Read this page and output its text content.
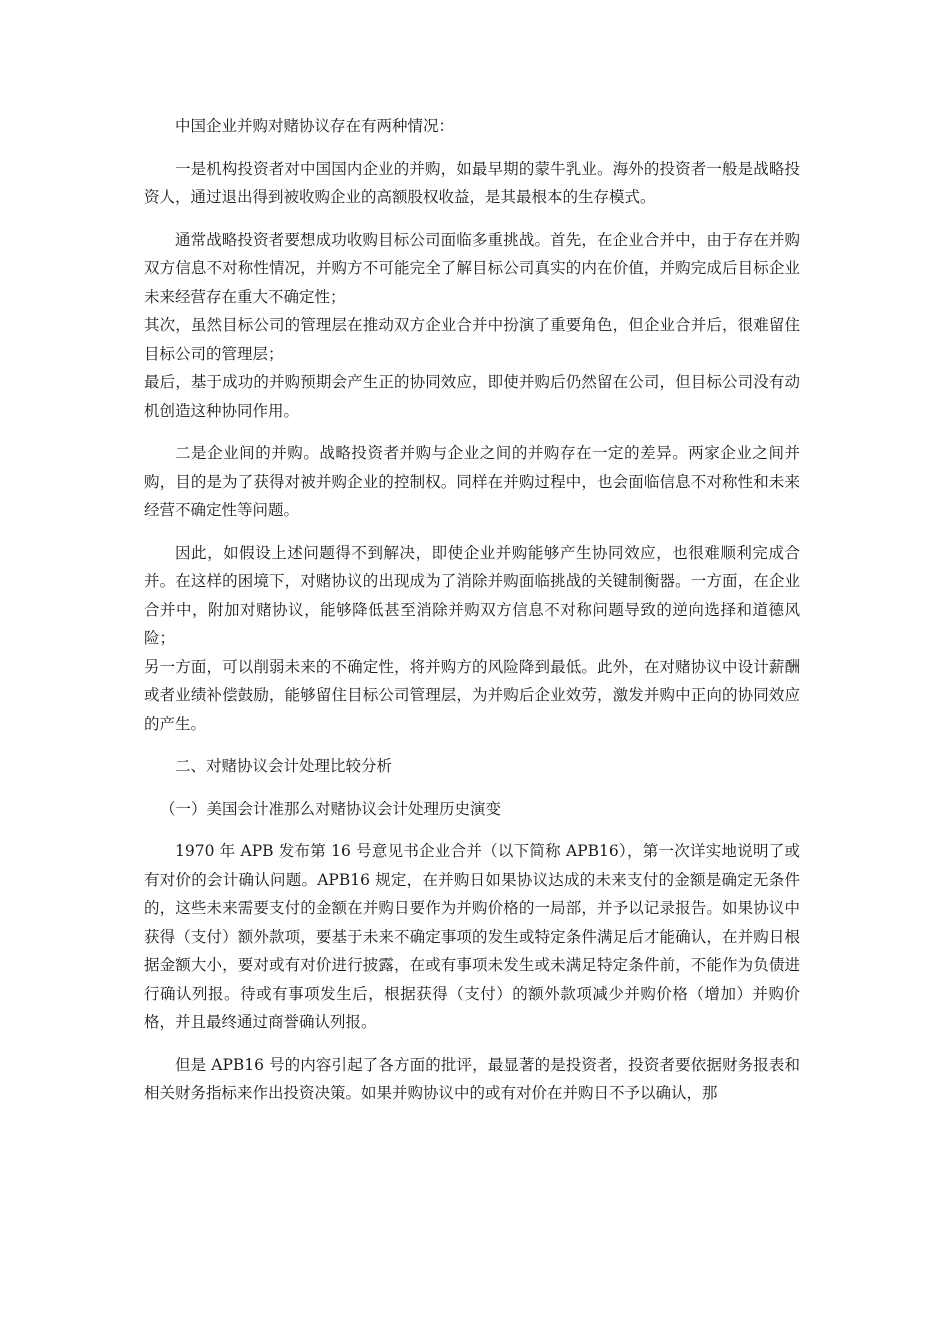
中国企业并购对赌协议存在有两种情况：

一是机构投资者对中国国内企业的并购，如最早期的蒙牛乳业。海外的投资者一般是战略投资人，通过退出得到被收购企业的高额股权收益，是其最根本的生存模式。

通常战略投资者要想成功收购目标公司面临多重挑战。首先，在企业合并中，由于存在并购双方信息不对称性情况，并购方不可能完全了解目标公司真实的内在价值，并购完成后目标企业未来经营存在重大不确定性；

其次，虽然目标公司的管理层在推动双方企业合并中扮演了重要角色，但企业合并后，很难留住目标公司的管理层；

最后，基于成功的并购预期会产生正的协同效应，即使并购后仍然留在公司，但目标公司没有动机创造这种协同作用。

二是企业间的并购。战略投资者并购与企业之间的并购存在一定的差异。两家企业之间并购，目的是为了获得对被并购企业的控制权。同样在并购过程中，也会面临信息不对称性和未来经营不确定性等问题。

因此，如假设上述问题得不到解决，即使企业并购能够产生协同效应，也很难顺利完成合并。在这样的困境下，对赌协议的出现成为了消除并购面临挑战的关键制衡器。一方面，在企业合并中，附加对赌协议，能够降低甚至消除并购双方信息不对称问题导致的逆向选择和道德风险；

另一方面，可以削弱未来的不确定性，将并购方的风险降到最低。此外，在对赌协议中设计薪酬或者业绩补偿鼓励，能够留住目标公司管理层，为并购后企业效劳，激发并购中正向的协同效应的产生。

二、对赌协议会计处理比较分析

（一）美国会计准那么对赌协议会计处理历史演变

1970 年 APB 发布第 16 号意见书企业合并（以下简称 APB16），第一次详实地说明了或有对价的会计确认问题。APB16 规定，在并购日如果协议达成的未来支付的金额是确定无条件的，这些未来需要支付的金额在并购日要作为并购价格的一局部，并予以记录报告。如果协议中获得（支付）额外款项，要基于未来不确定事项的发生或特定条件满足后才能确认，在并购日根据金额大小，要对或有对价进行披露，在或有事项未发生或未满足特定条件前，不能作为负债进行确认列报。待或有事项发生后，根据获得（支付）的额外款项减少并购价格（增加）并购价格，并且最终通过商誉确认列报。

但是 APB16 号的内容引起了各方面的批评，最显著的是投资者，投资者要依据财务报表和相关财务指标来作出投资决策。如果并购协议中的或有对价在并购日不予以确认，那
